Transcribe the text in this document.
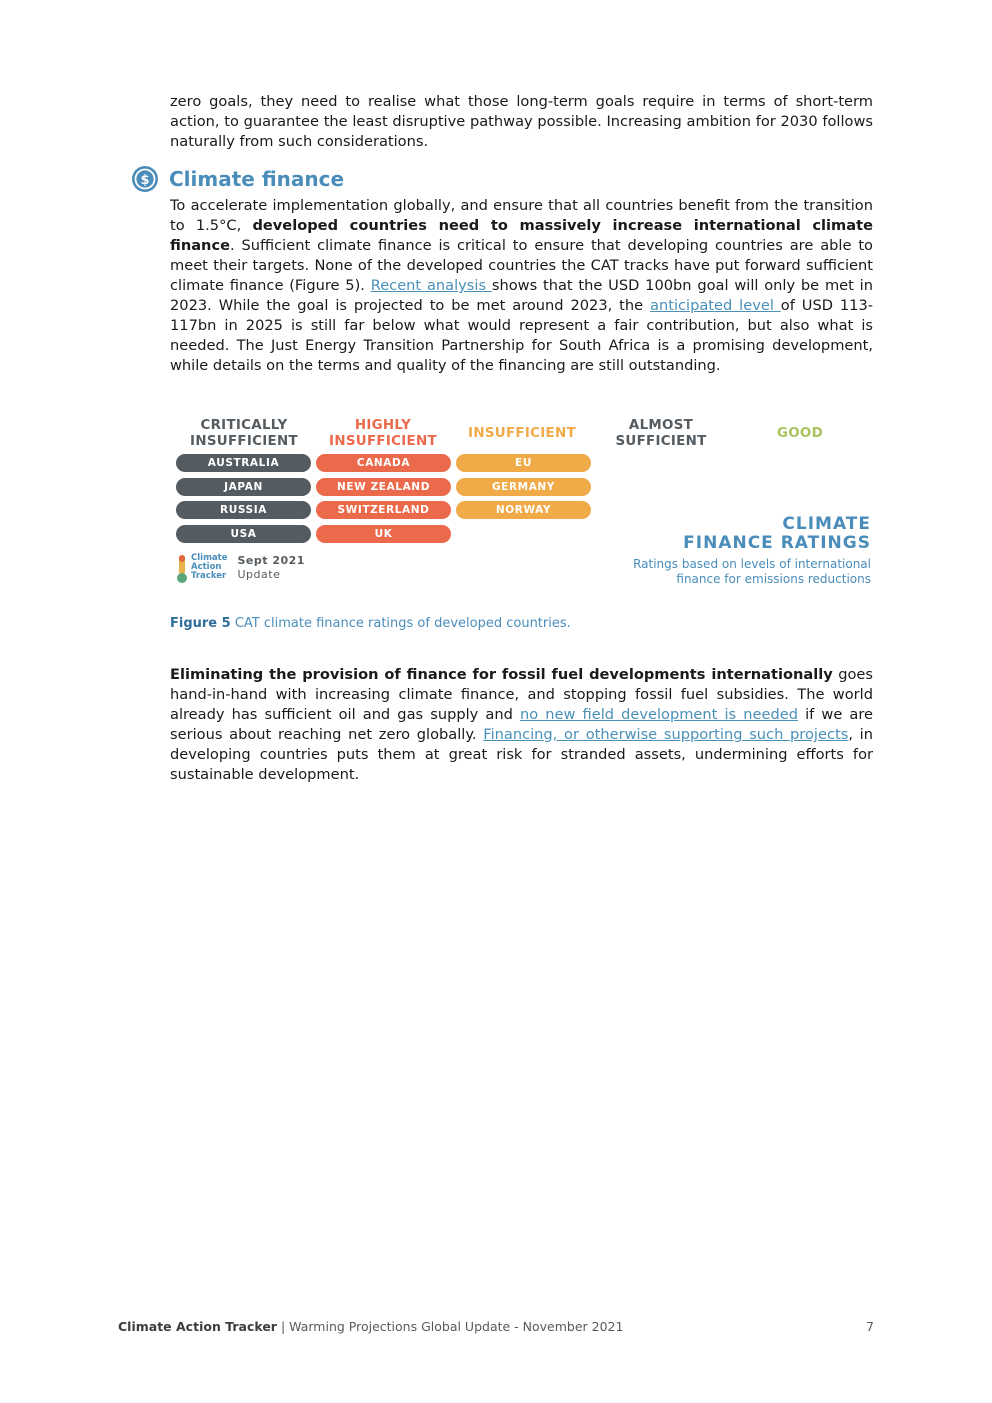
zero goals, they need to realise what those long-term goals require in terms of short-term action, to guarantee the least disruptive pathway possible. Increasing ambition for 2030 follows naturally from such considerations.

$ Climate finance

To accelerate implementation globally, and ensure that all countries benefit from the transition to 1.5°C, developed countries need to massively increase international climate finance. Sufficient climate finance is critical to ensure that developing countries are able to meet their targets. None of the developed countries the CAT tracks have put forward sufficient climate finance (Figure 5). Recent analysis shows that the USD 100bn goal will only be met in 2023. While the goal is projected to be met around 2023, the anticipated level of USD 113-117bn in 2025 is still far below what would represent a fair contribution, but also what is needed. The Just Energy Transition Partnership for South Africa is a promising development, while details on the terms and quality of the financing are still outstanding.

CRITICALLY
INSUFFICIENT
HIGHLY
INSUFFICIENT
INSUFFICIENT
ALMOST
SUFFICIENT
GOOD
AUSTRALIA
JAPAN
RUSSIA
USA
CANADA
NEW ZEALAND
SWITZERLAND
UK
EU
GERMANY
NORWAY
Climate
Action
Tracker
Sept 2021
Update
CLIMATE
FINANCE RATINGS
Ratings based on levels of international
finance for emissions reductions
Figure 5 CAT climate finance ratings of developed countries.

Eliminating the provision of finance for fossil fuel developments internationally goes hand-in-hand with increasing climate finance, and stopping fossil fuel subsidies. The world already has sufficient oil and gas supply and no new field development is needed if we are serious about reaching net zero globally. Financing, or otherwise supporting such projects, in developing countries puts them at great risk for stranded assets, undermining efforts for sustainable development.

Climate Action Tracker | Warming Projections Global Update - November 2021	7
